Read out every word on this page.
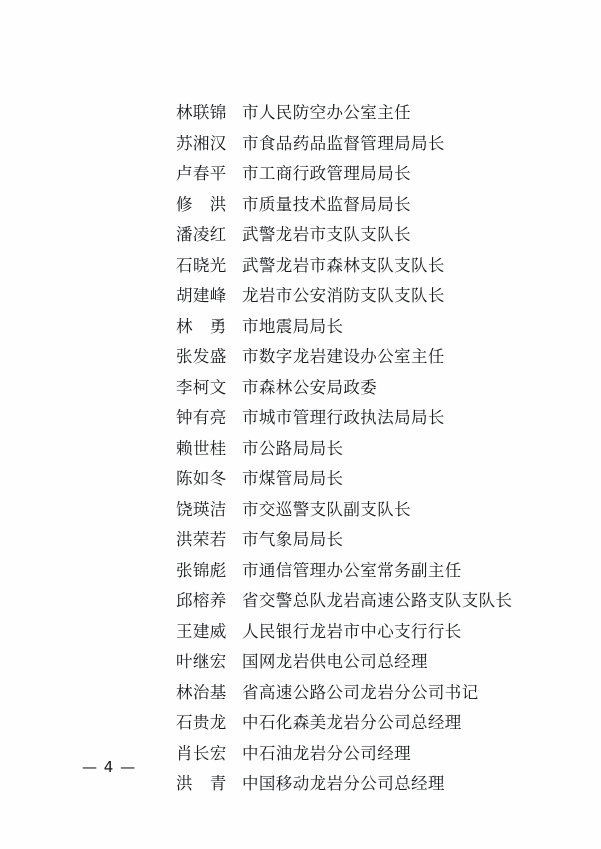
林联锦 市人民防空办公室主任
苏湘汉 市食品药品监督管理局局长
卢春平 市工商行政管理局局长
修　洪 市质量技术监督局局长
潘凌红 武警龙岩市支队支队长
石晓光 武警龙岩市森林支队支队长
胡建峰 龙岩市公安消防支队支队长
林　勇 市地震局局长
张发盛 市数字龙岩建设办公室主任
李柯文 市森林公安局政委
钟有亮 市城市管理行政执法局局长
赖世桂 市公路局局长
陈如冬 市煤管局局长
饶瑛洁 市交巡警支队副支队长
洪荣若 市气象局局长
张锦彪 市通信管理办公室常务副主任
邱榕养 省交警总队龙岩高速公路支队支队长
王建威 人民银行龙岩市中心支行行长
叶继宏 国网龙岩供电公司总经理
林治基 省高速公路公司龙岩分公司书记
石贵龙 中石化森美龙岩分公司总经理
肖长宏 中石油龙岩分公司经理
洪　青 中国移动龙岩分公司总经理
— 4 —
